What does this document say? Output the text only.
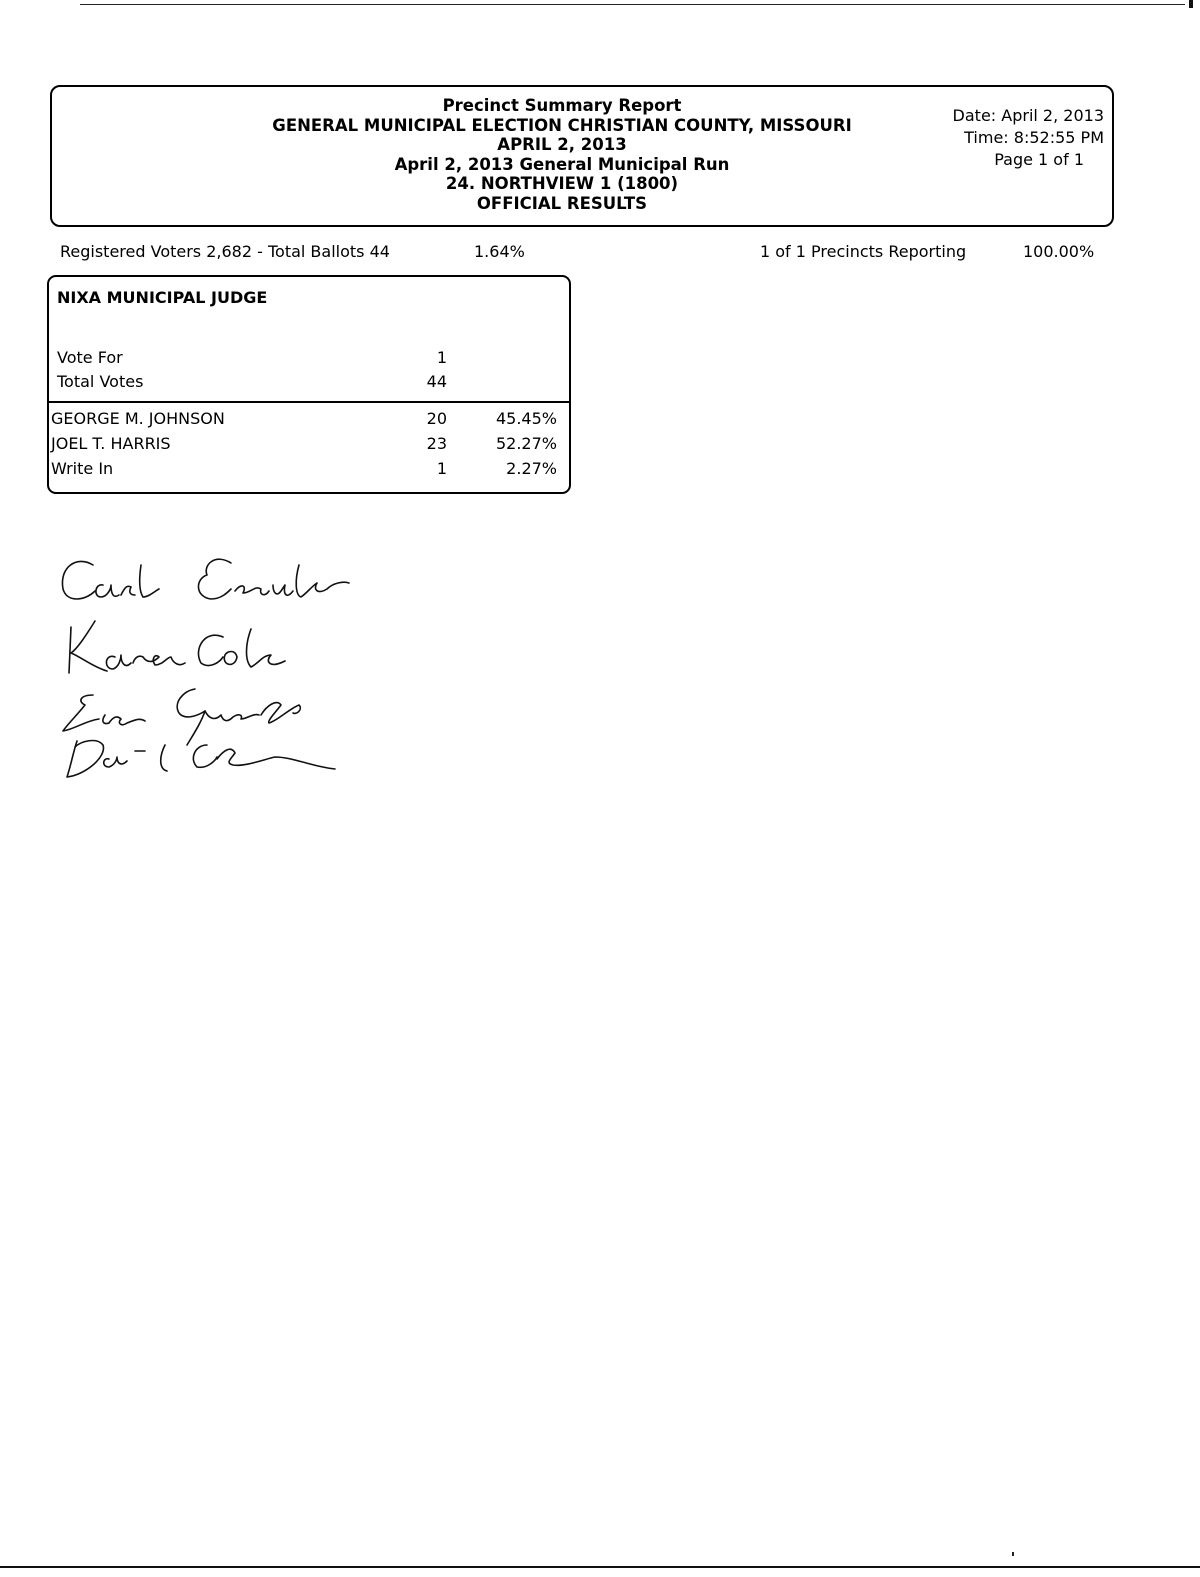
Precinct Summary Report
GENERAL MUNICIPAL ELECTION CHRISTIAN COUNTY, MISSOURI
APRIL 2, 2013
April 2, 2013 General Municipal Run
24. NORTHVIEW 1 (1800)
OFFICIAL RESULTS
Date: April 2, 2013
Time: 8:52:55 PM
Page 1 of 1
Registered Voters 2,682 - Total Ballots 44	1.64%	1 of 1 Precincts Reporting	100.00%
NIXA MUNICIPAL JUDGE
Vote For	1
Total Votes	44
GEORGE M. JOHNSON	20	45.45%
JOEL T. HARRIS	23	52.27%
Write In	1	2.27%
